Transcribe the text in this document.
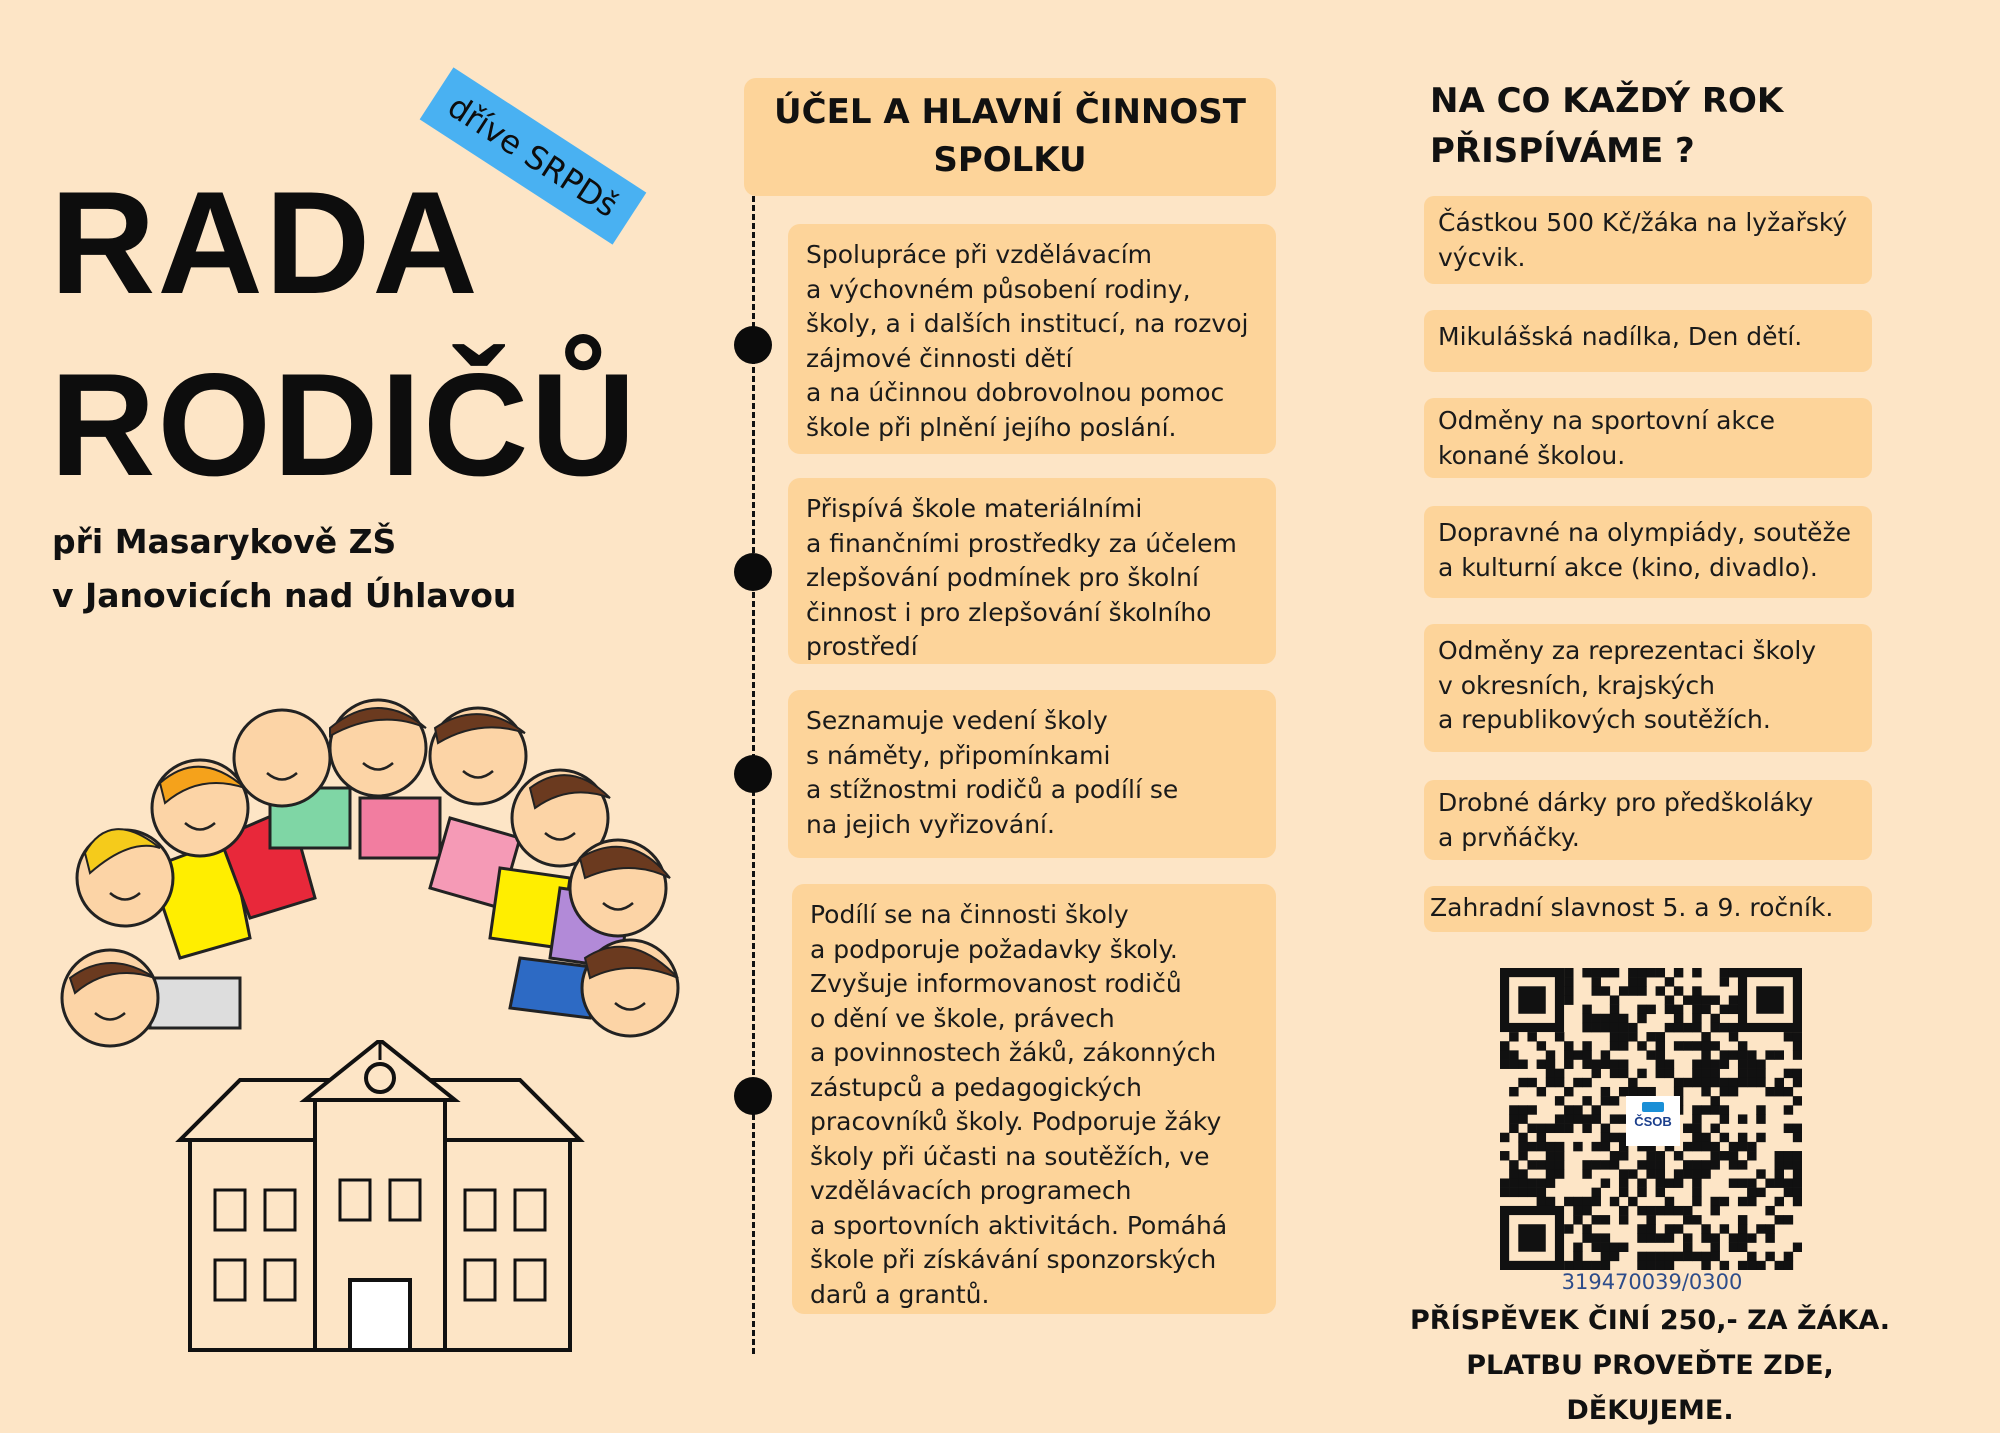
RADA
RODIČŮ
dříve SRPDš
při Masarykově ZŠ
v Janovicích nad Úhlavou
ÚČEL A HLAVNÍ ČINNOST
SPOLKU
Spolupráce při vzdělávacím
a výchovném působení rodiny,
školy, a i dalších institucí, na rozvoj
zájmové činnosti dětí
a na účinnou dobrovolnou pomoc
škole při plnění jejího poslání.
Přispívá škole materiálními
a finančními prostředky za účelem
zlepšování podmínek pro školní
činnost i pro zlepšování školního
prostředí
Seznamuje vedení školy
s náměty, připomínkami
a stížnostmi rodičů a podílí se
na jejich vyřizování.
Podílí se na činnosti školy
a podporuje požadavky školy.
Zvyšuje informovanost rodičů
o dění ve škole, právech
a povinnostech žáků, zákonných
zástupců a pedagogických
pracovníků školy. Podporuje žáky
školy při účasti na soutěžích, ve
vzdělávacích programech
a sportovních aktivitách. Pomáhá
škole při získávání sponzorských
darů a grantů.
NA CO KAŽDÝ ROK
PŘISPÍVÁME ?
Částkou 500 Kč/žáka na lyžařský
výcvik.
Mikulášská nadílka, Den dětí.
Odměny na sportovní akce
konané školou.
Dopravné na olympiády, soutěže
a kulturní akce (kino, divadlo).
Odměny za reprezentaci školy
v okresních, krajských
a republikových soutěžích.
Drobné dárky pro předškoláky
a prvňáčky.
Zahradní slavnost 5. a 9. ročník.
ČSOB
319470039/0300
PŘÍSPĚVEK ČINÍ 250,- ZA ŽÁKA.
PLATBU PROVEĎTE ZDE, DĚKUJEME.
